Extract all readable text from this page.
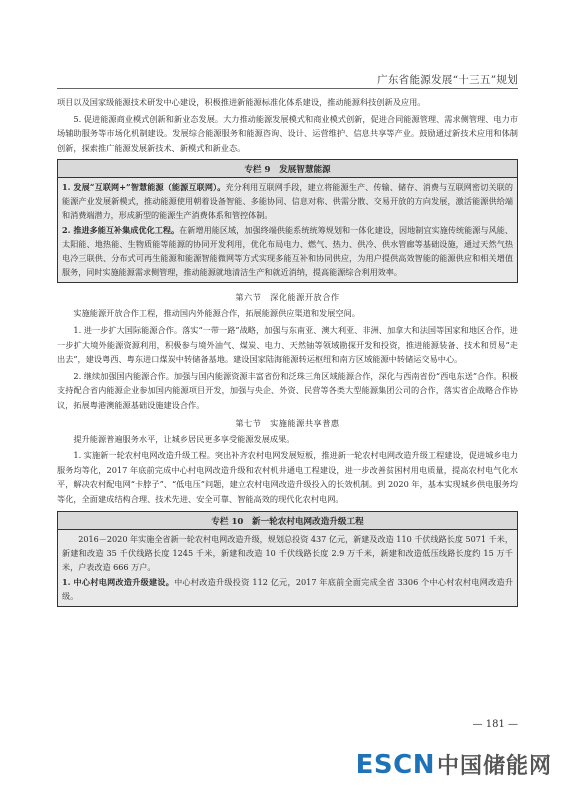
广东省能源发展“十三五”规划

项目以及国家级能源技术研发中心建设，积极推进新能源标准化体系建设，推动能源科技创新及应用。

5. 促进能源商业模式创新和新业态发展。大力推动能源发展模式和商业模式创新，促进合同能源管理、需求侧管理、电力市场辅助服务等市场化机制建设。发展综合能源服务和能源咨询、设计、运营维护、信息共享等产业。鼓励通过新技术应用和体制创新，探索推广能源发展新技术、新模式和新业态。

专栏 9　发展智慧能源

1. 发展“互联网+”智慧能源（能源互联网）。充分利用互联网手段，建立将能源生产、传输、储存、消费与互联网密切关联的能源产业发展新模式，推动能源使用朝着设备智能、多能协同、信息对称、供需分散、交易开放的方向发展，激活能源供给端和消费端潜力，形成新型的能源生产消费体系和管控体制。

2. 推进多能互补集成优化工程。在新增用能区域，加强终端供能系统统筹规划和一体化建设，因地制宜实施传统能源与风能、太阳能、地热能、生物质能等能源的协同开发利用，优化布局电力、燃气、热力、供冷、供水管廊等基础设施，通过天然气热电冷三联供、分布式可再生能源和能源智能微网等方式实现多能互补和协同供应，为用户提供高效智能的能源供应和相关增值服务，同时实施能源需求侧管理，推动能源就地清洁生产和就近消纳，提高能源综合利用效率。

第六节　深化能源开放合作

实施能源开放合作工程，推动国内外能源合作，拓展能源供应渠道和发展空间。

1. 进一步扩大国际能源合作。落实“一带一路”战略，加强与东南亚、澳大利亚、非洲、加拿大和法国等国家和地区合作，进一步扩大境外能源资源利用，积极参与境外油气、煤炭、电力、天然铀等领域勘探开发和投资，推进能源装备、技术和贸易“走出去”，建设粤西、粤东进口煤炭中转储备基地。建设国家陆海能源转运枢纽和南方区域能源中转储运交易中心。

2. 继续加强国内能源合作。加强与国内能源资源丰富省份和泛珠三角区域能源合作，深化与西南省份“西电东送”合作。积极支持配合省内能源企业参加国内能源项目开发，加强与央企、外资、民营等各类大型能源集团公司的合作，落实省企战略合作协议，拓展粤港澳能源基础设施建设合作。

第七节　实施能源共享普惠

提升能源普遍服务水平，让城乡居民更多享受能源发展成果。

1. 实施新一轮农村电网改造升级工程。突出补齐农村电网发展短板，推进新一轮农村电网改造升级工程建设，促进城乡电力服务均等化，2017 年底前完成中心村电网改造升级和农村机井通电工程建设，进一步改善贫困村用电质量，提高农村电气化水平，解决农村配电网“卡脖子”、“低电压”问题，建立农村电网改造升级投入的长效机制。到 2020 年，基本实现城乡供电服务均等化，全面建成结构合理、技术先进、安全可靠、智能高效的现代化农村电网。

专栏 10　新一轮农村电网改造升级工程

2016－2020 年实施全省新一轮农村电网改造升级，规划总投资 437 亿元，新建及改造 110 千伏线路长度 5071 千米，新建和改造 35 千伏线路长度 1245 千米，新建和改造 10 千伏线路长度 2.9 万千米，新建和改造低压线路长度约 15 万千米，户表改造 666 万户。

1. 中心村电网改造升级建设。中心村改造升级投资 112 亿元，2017 年底前全面完成全省 3306 个中心村农村电网改造升级。

— 181 —
ESCN 中国储能网
